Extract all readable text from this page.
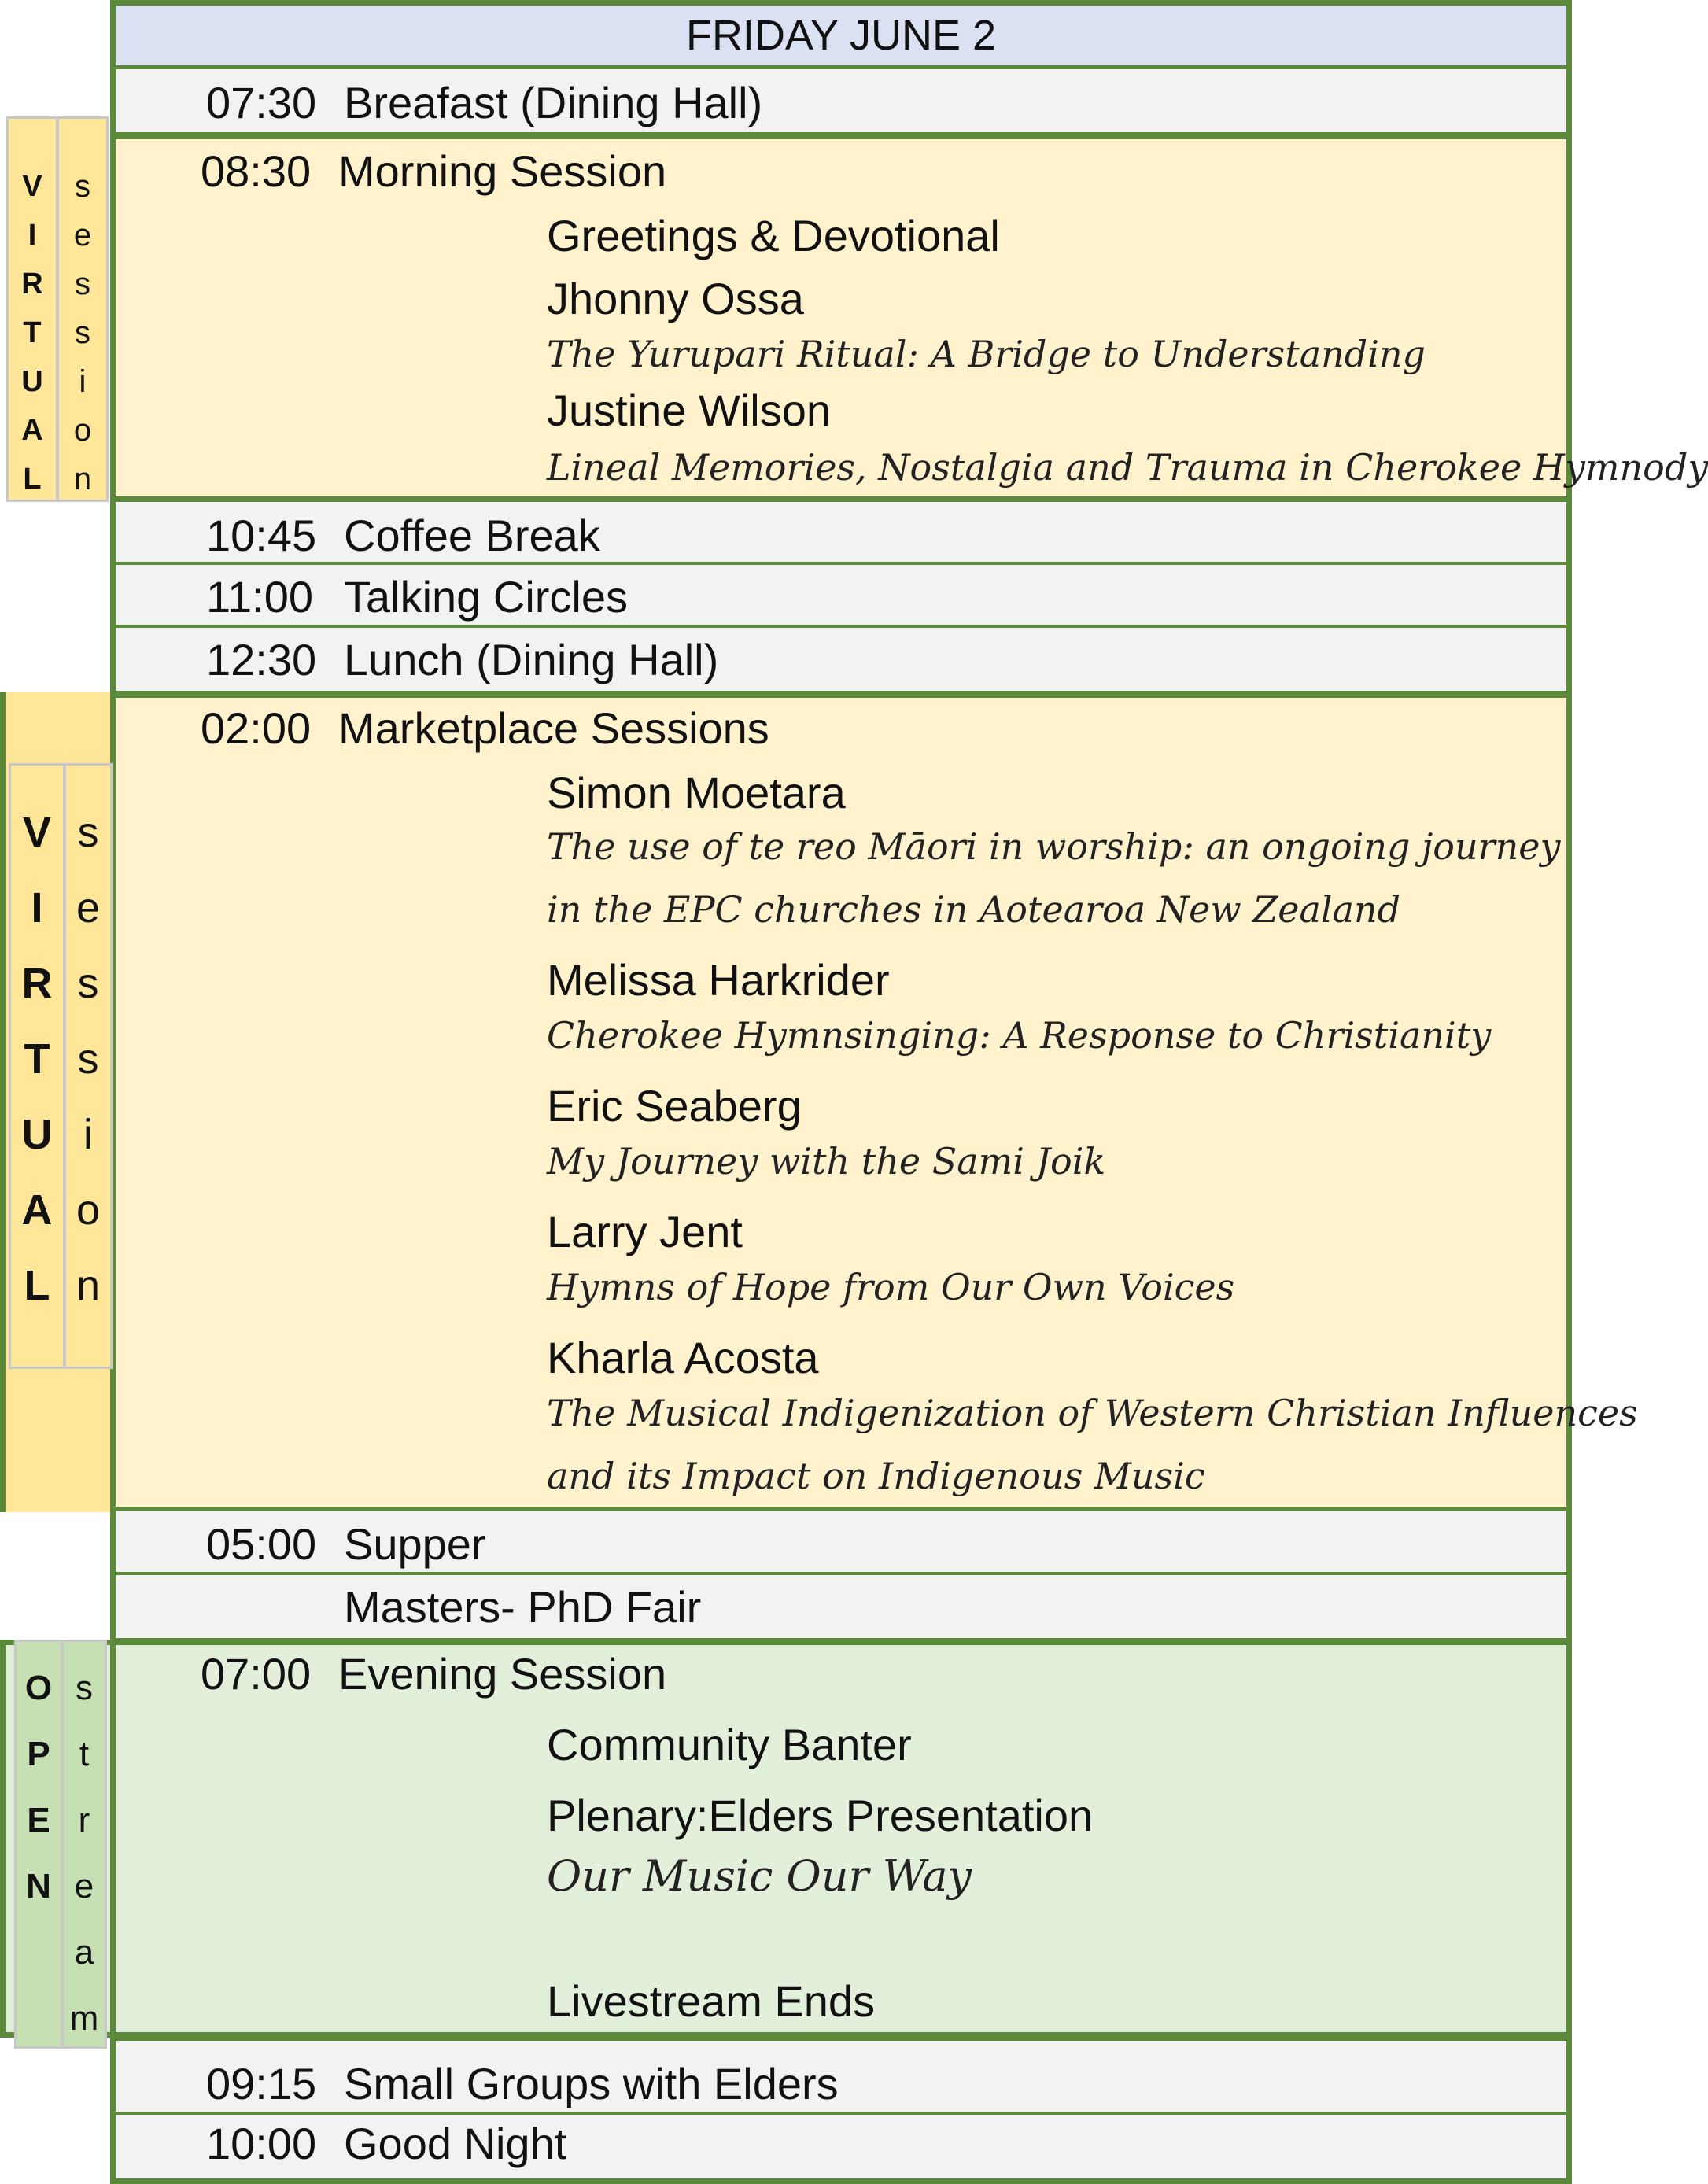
FRIDAY JUNE 2
07:30 Breafast (Dining Hall)
08:30 Morning Session
Greetings & Devotional
Jhonny Ossa
The Yurupari Ritual: A Bridge to Understanding
Justine Wilson
Lineal Memories, Nostalgia and Trauma in Cherokee Hymnody
V
I
R
T
U
A
L
s
e
s
s
i
o
n
10:45 Coffee Break
11:00 Talking Circles
12:30 Lunch (Dining Hall)
02:00 Marketplace Sessions
Simon Moetara
The use of te reo Māori in worship: an ongoing journey
in the EPC churches in Aotearoa New Zealand
Melissa Harkrider
Cherokee Hymnsinging: A Response to Christianity
Eric Seaberg
My Journey with the Sami Joik
Larry Jent
Hymns of Hope from Our Own Voices
Kharla Acosta
The Musical Indigenization of Western Christian Influences
and its Impact on Indigenous Music
V
I
R
T
U
A
L
s
e
s
s
i
o
n
05:00 Supper
Masters- PhD Fair
07:00 Evening Session
Community Banter
Plenary:Elders Presentation
Our Music Our Way
Livestream Ends
O
P
E
N
s
t
r
e
a
m
09:15 Small Groups with Elders
10:00 Good Night
